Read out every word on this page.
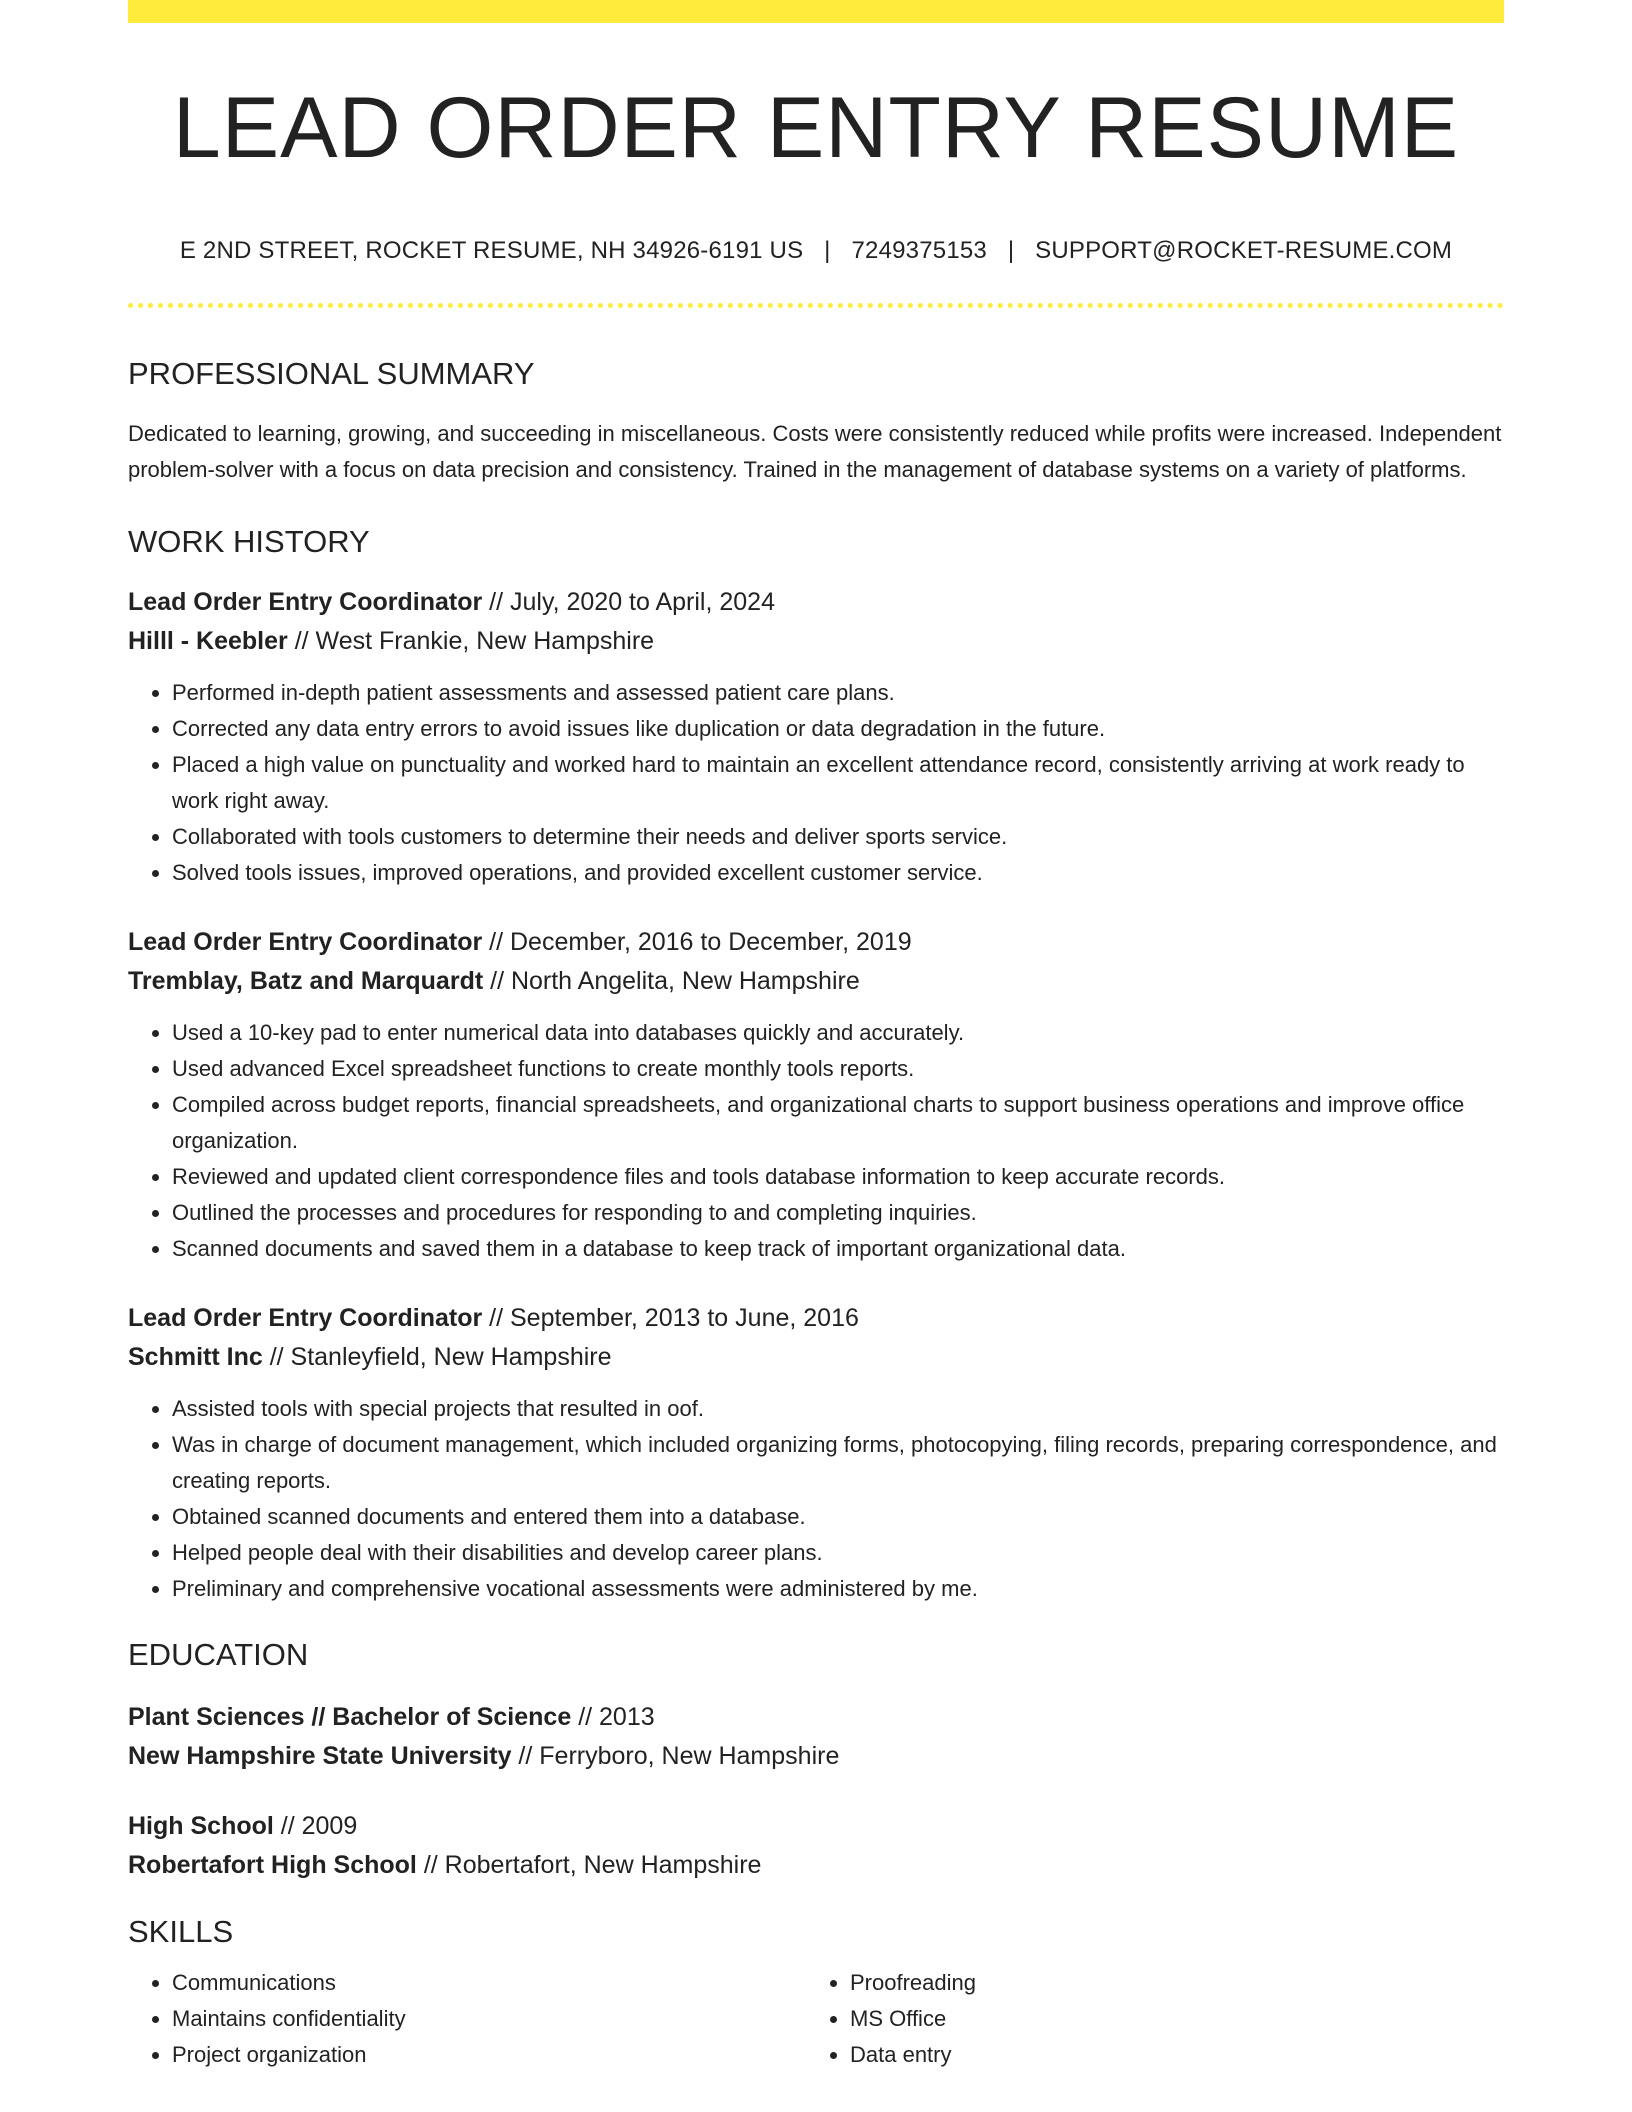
LEAD ORDER ENTRY RESUME
E 2ND STREET, ROCKET RESUME, NH 34926-6191 US | 7249375153 | SUPPORT@ROCKET-RESUME.COM
PROFESSIONAL SUMMARY

Dedicated to learning, growing, and succeeding in miscellaneous. Costs were consistently reduced while profits were increased. Independent problem-solver with a focus on data precision and consistency. Trained in the management of database systems on a variety of platforms.

WORK HISTORY
Lead Order Entry Coordinator // July, 2020 to April, 2024
Hilll - Keebler // West Frankie, New Hampshire
• Performed in-depth patient assessments and assessed patient care plans.
• Corrected any data entry errors to avoid issues like duplication or data degradation in the future.
• Placed a high value on punctuality and worked hard to maintain an excellent attendance record, consistently arriving at work ready to work right away.
• Collaborated with tools customers to determine their needs and deliver sports service.
• Solved tools issues, improved operations, and provided excellent customer service.
Lead Order Entry Coordinator // December, 2016 to December, 2019
Tremblay, Batz and Marquardt // North Angelita, New Hampshire
• Used a 10-key pad to enter numerical data into databases quickly and accurately.
• Used advanced Excel spreadsheet functions to create monthly tools reports.
• Compiled across budget reports, financial spreadsheets, and organizational charts to support business operations and improve office organization.
• Reviewed and updated client correspondence files and tools database information to keep accurate records.
• Outlined the processes and procedures for responding to and completing inquiries.
• Scanned documents and saved them in a database to keep track of important organizational data.
Lead Order Entry Coordinator // September, 2013 to June, 2016
Schmitt Inc // Stanleyfield, New Hampshire
• Assisted tools with special projects that resulted in oof.
• Was in charge of document management, which included organizing forms, photocopying, filing records, preparing correspondence, and creating reports.
• Obtained scanned documents and entered them into a database.
• Helped people deal with their disabilities and develop career plans.
• Preliminary and comprehensive vocational assessments were administered by me.
EDUCATION
Plant Sciences // Bachelor of Science // 2013
New Hampshire State University // Ferryboro, New Hampshire
High School // 2009
Robertafort High School // Robertafort, New Hampshire
SKILLS
• Communications
• Maintains confidentiality
• Project organization
• Proofreading
• MS Office
• Data entry
